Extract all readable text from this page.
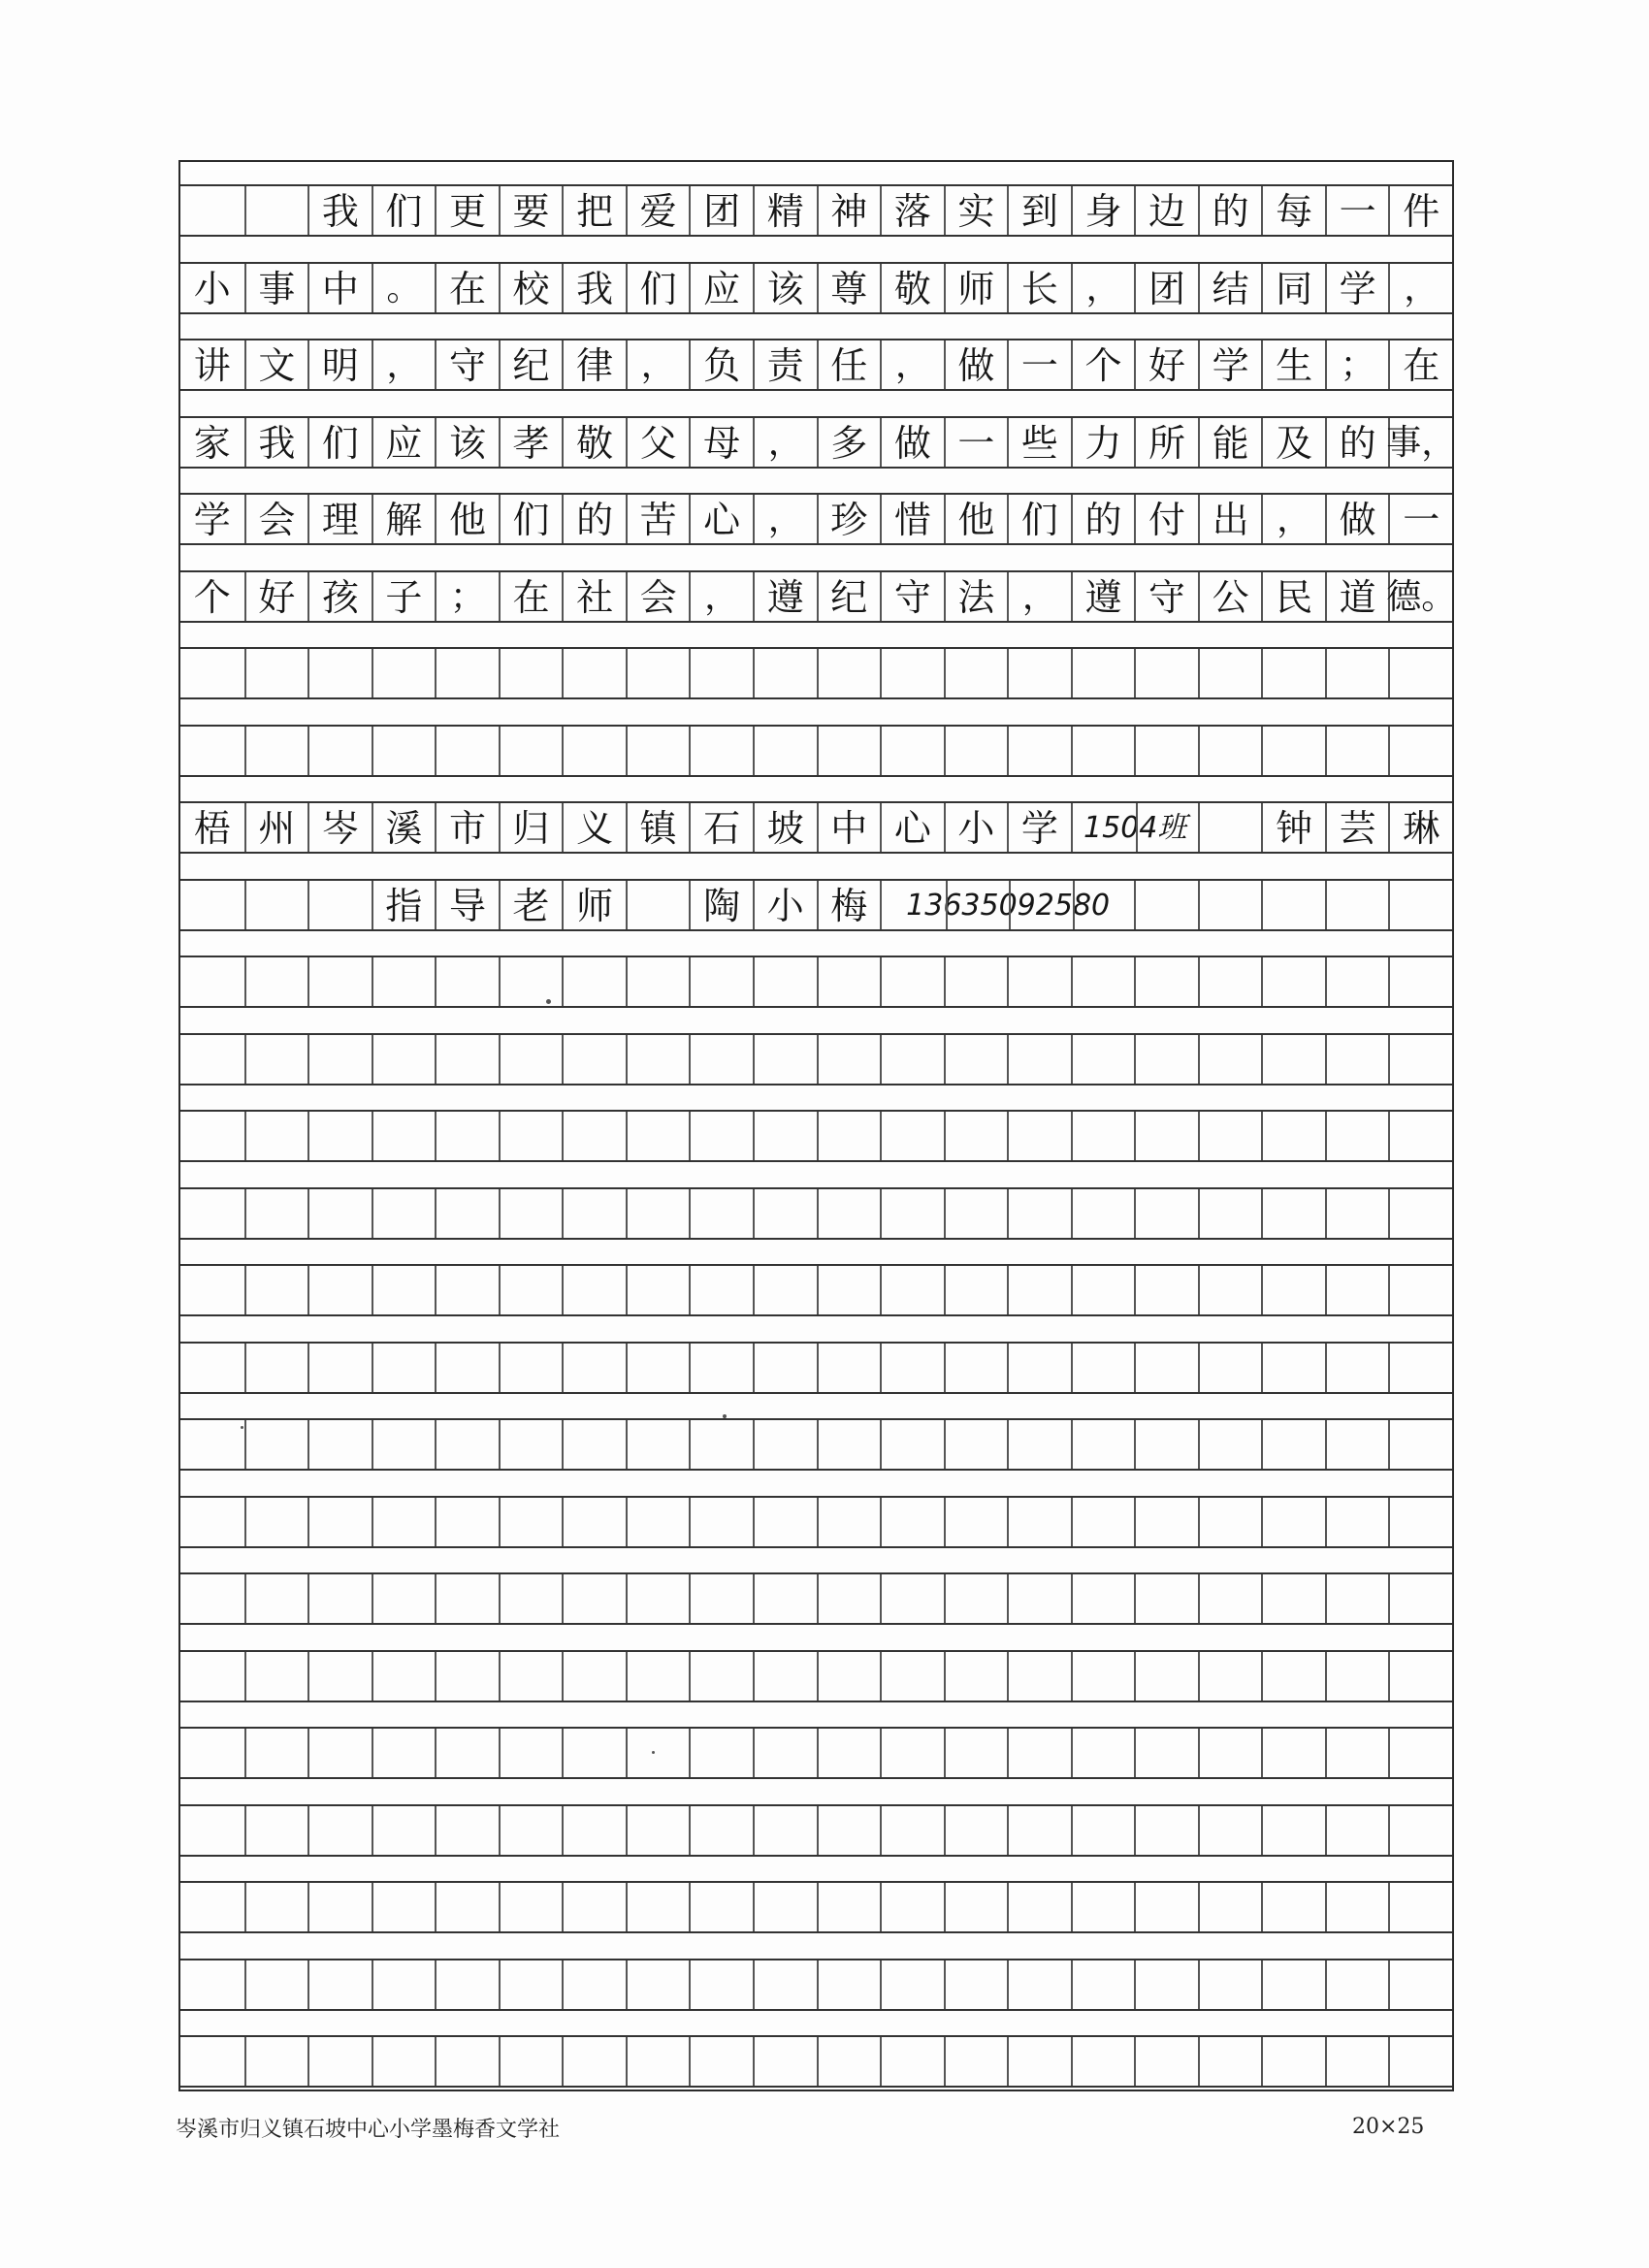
我 们 更 要 把 爱 团 精 神 落 实 到 身 边 的 每 一 件
小 事 中 。 在 校 我 们 应 该 尊 敬 师 长 ， 团 结 同 学 ，
讲 文 明 ， 守 纪 律 ， 负 责 任 ， 做 一 个 好 学 生 ； 在
家 我 们 应 该 孝 敬 父 母 ， 多 做 一 些 力 所 能 及 的 事，
学 会 理 解 他 们 的 苦 心 ， 珍 惜 他 们 的 付 出 ， 做 一
个 好 孩 子 ； 在 社 会 ， 遵 纪 守 法 ， 遵 守 公 民 道 德。
梧 州 岑 溪 市 归 义 镇 石 坡 中 心 小 学 1504班 钟 芸 琳
指 导 老 师 陶 小 梅 13635092580
岑溪市归义镇石坡中心小学墨梅香文学社	20×25
